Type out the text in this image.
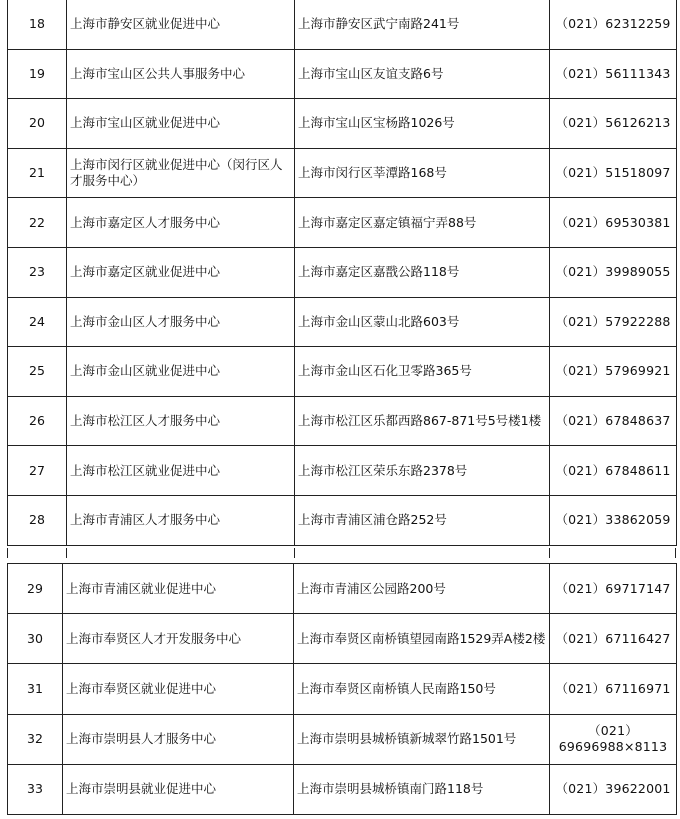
18	上海市静安区就业促进中心	上海市静安区武宁南路241号	（021）62312259
19	上海市宝山区公共人事服务中心	上海市宝山区友谊支路6号	（021）56111343
20	上海市宝山区就业促进中心	上海市宝山区宝杨路1026号	（021）56126213
21	上海市闵行区就业促进中心（闵行区人才服务中心）	上海市闵行区莘潭路168号	（021）51518097
22	上海市嘉定区人才服务中心	上海市嘉定区嘉定镇福宁弄88号	（021）69530381
23	上海市嘉定区就业促进中心	上海市嘉定区嘉戬公路118号	（021）39989055
24	上海市金山区人才服务中心	上海市金山区蒙山北路603号	（021）57922288
25	上海市金山区就业促进中心	上海市金山区石化卫零路365号	（021）57969921
26	上海市松江区人才服务中心	上海市松江区乐都西路867-871号5号楼1楼	（021）67848637
27	上海市松江区就业促进中心	上海市松江区荣乐东路2378号	（021）67848611
28	上海市青浦区人才服务中心	上海市青浦区浦仓路252号	（021）33862059
29	上海市青浦区就业促进中心	上海市青浦区公园路200号	（021）69717147
30	上海市奉贤区人才开发服务中心	上海市奉贤区南桥镇望园南路1529弄A楼2楼	（021）67116427
31	上海市奉贤区就业促进中心	上海市奉贤区南桥镇人民南路150号	（021）67116971
32	上海市崇明县人才服务中心	上海市崇明县城桥镇新城翠竹路1501号	（021）69696988×8113
33	上海市崇明县就业促进中心	上海市崇明县城桥镇南门路118号	（021）39622001
